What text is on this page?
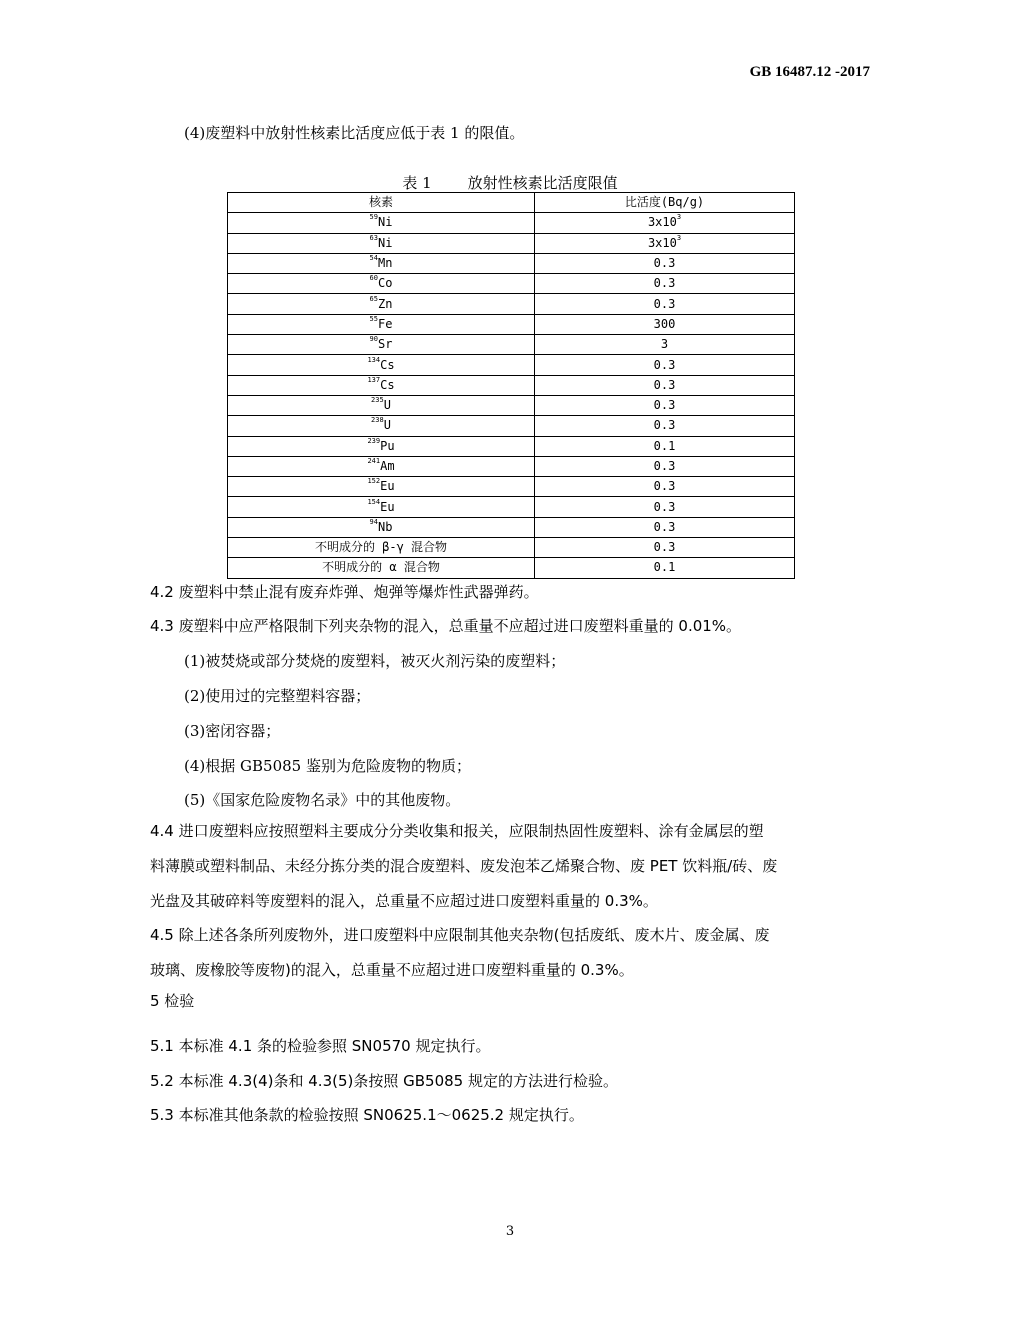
GB 16487.12 -2017
(4)废塑料中放射性核素比活度应低于表 1 的限值。
表 1 放射性核素比活度限值
核素	比活度(Bq/g)
$^{59}$Ni	$3x10^3$
$^{63}$Ni	$3x10^3$
$^{54}$Mn	0.3
$^{60}$Co	0.3
$^{65}$Zn	0.3
$^{55}$Fe	300
$^{90}$Sr	3
$^{134}$Cs	0.3
$^{137}$Cs	0.3
$^{235}$U	0.3
$^{238}$U	0.3
$^{239}$Pu	0.1
$^{241}$Am	0.3
$^{152}$Eu	0.3
$^{154}$Eu	0.3
$^{94}$Nb	0.3
不明成分的 β-γ 混合物	0.3
不明成分的 α 混合物	0.1
4.2 废塑料中禁止混有废弃炸弹、炮弹等爆炸性武器弹药。
4.3 废塑料中应严格限制下列夹杂物的混入，总重量不应超过进口废塑料重量的 0.01%。
(1)被焚烧或部分焚烧的废塑料，被灭火剂污染的废塑料；
(2)使用过的完整塑料容器；
(3)密闭容器；
(4)根据 GB5085 鉴别为危险废物的物质；
(5)《国家危险废物名录》中的其他废物。
4.4 进口废塑料应按照塑料主要成分分类收集和报关，应限制热固性废塑料、涂有金属层的塑
料薄膜或塑料制品、未经分拣分类的混合废塑料、废发泡苯乙烯聚合物、废 PET 饮料瓶/砖、废
光盘及其破碎料等废塑料的混入，总重量不应超过进口废塑料重量的 0.3%。
4.5 除上述各条所列废物外，进口废塑料中应限制其他夹杂物(包括废纸、废木片、废金属、废
玻璃、废橡胶等废物)的混入，总重量不应超过进口废塑料重量的 0.3%。
5 检验
5.1 本标准 4.1 条的检验参照 SN0570 规定执行。
5.2 本标准 4.3(4)条和 4.3(5)条按照 GB5085 规定的方法进行检验。
5.3 本标准其他条款的检验按照 SN0625.1～0625.2 规定执行。
3
